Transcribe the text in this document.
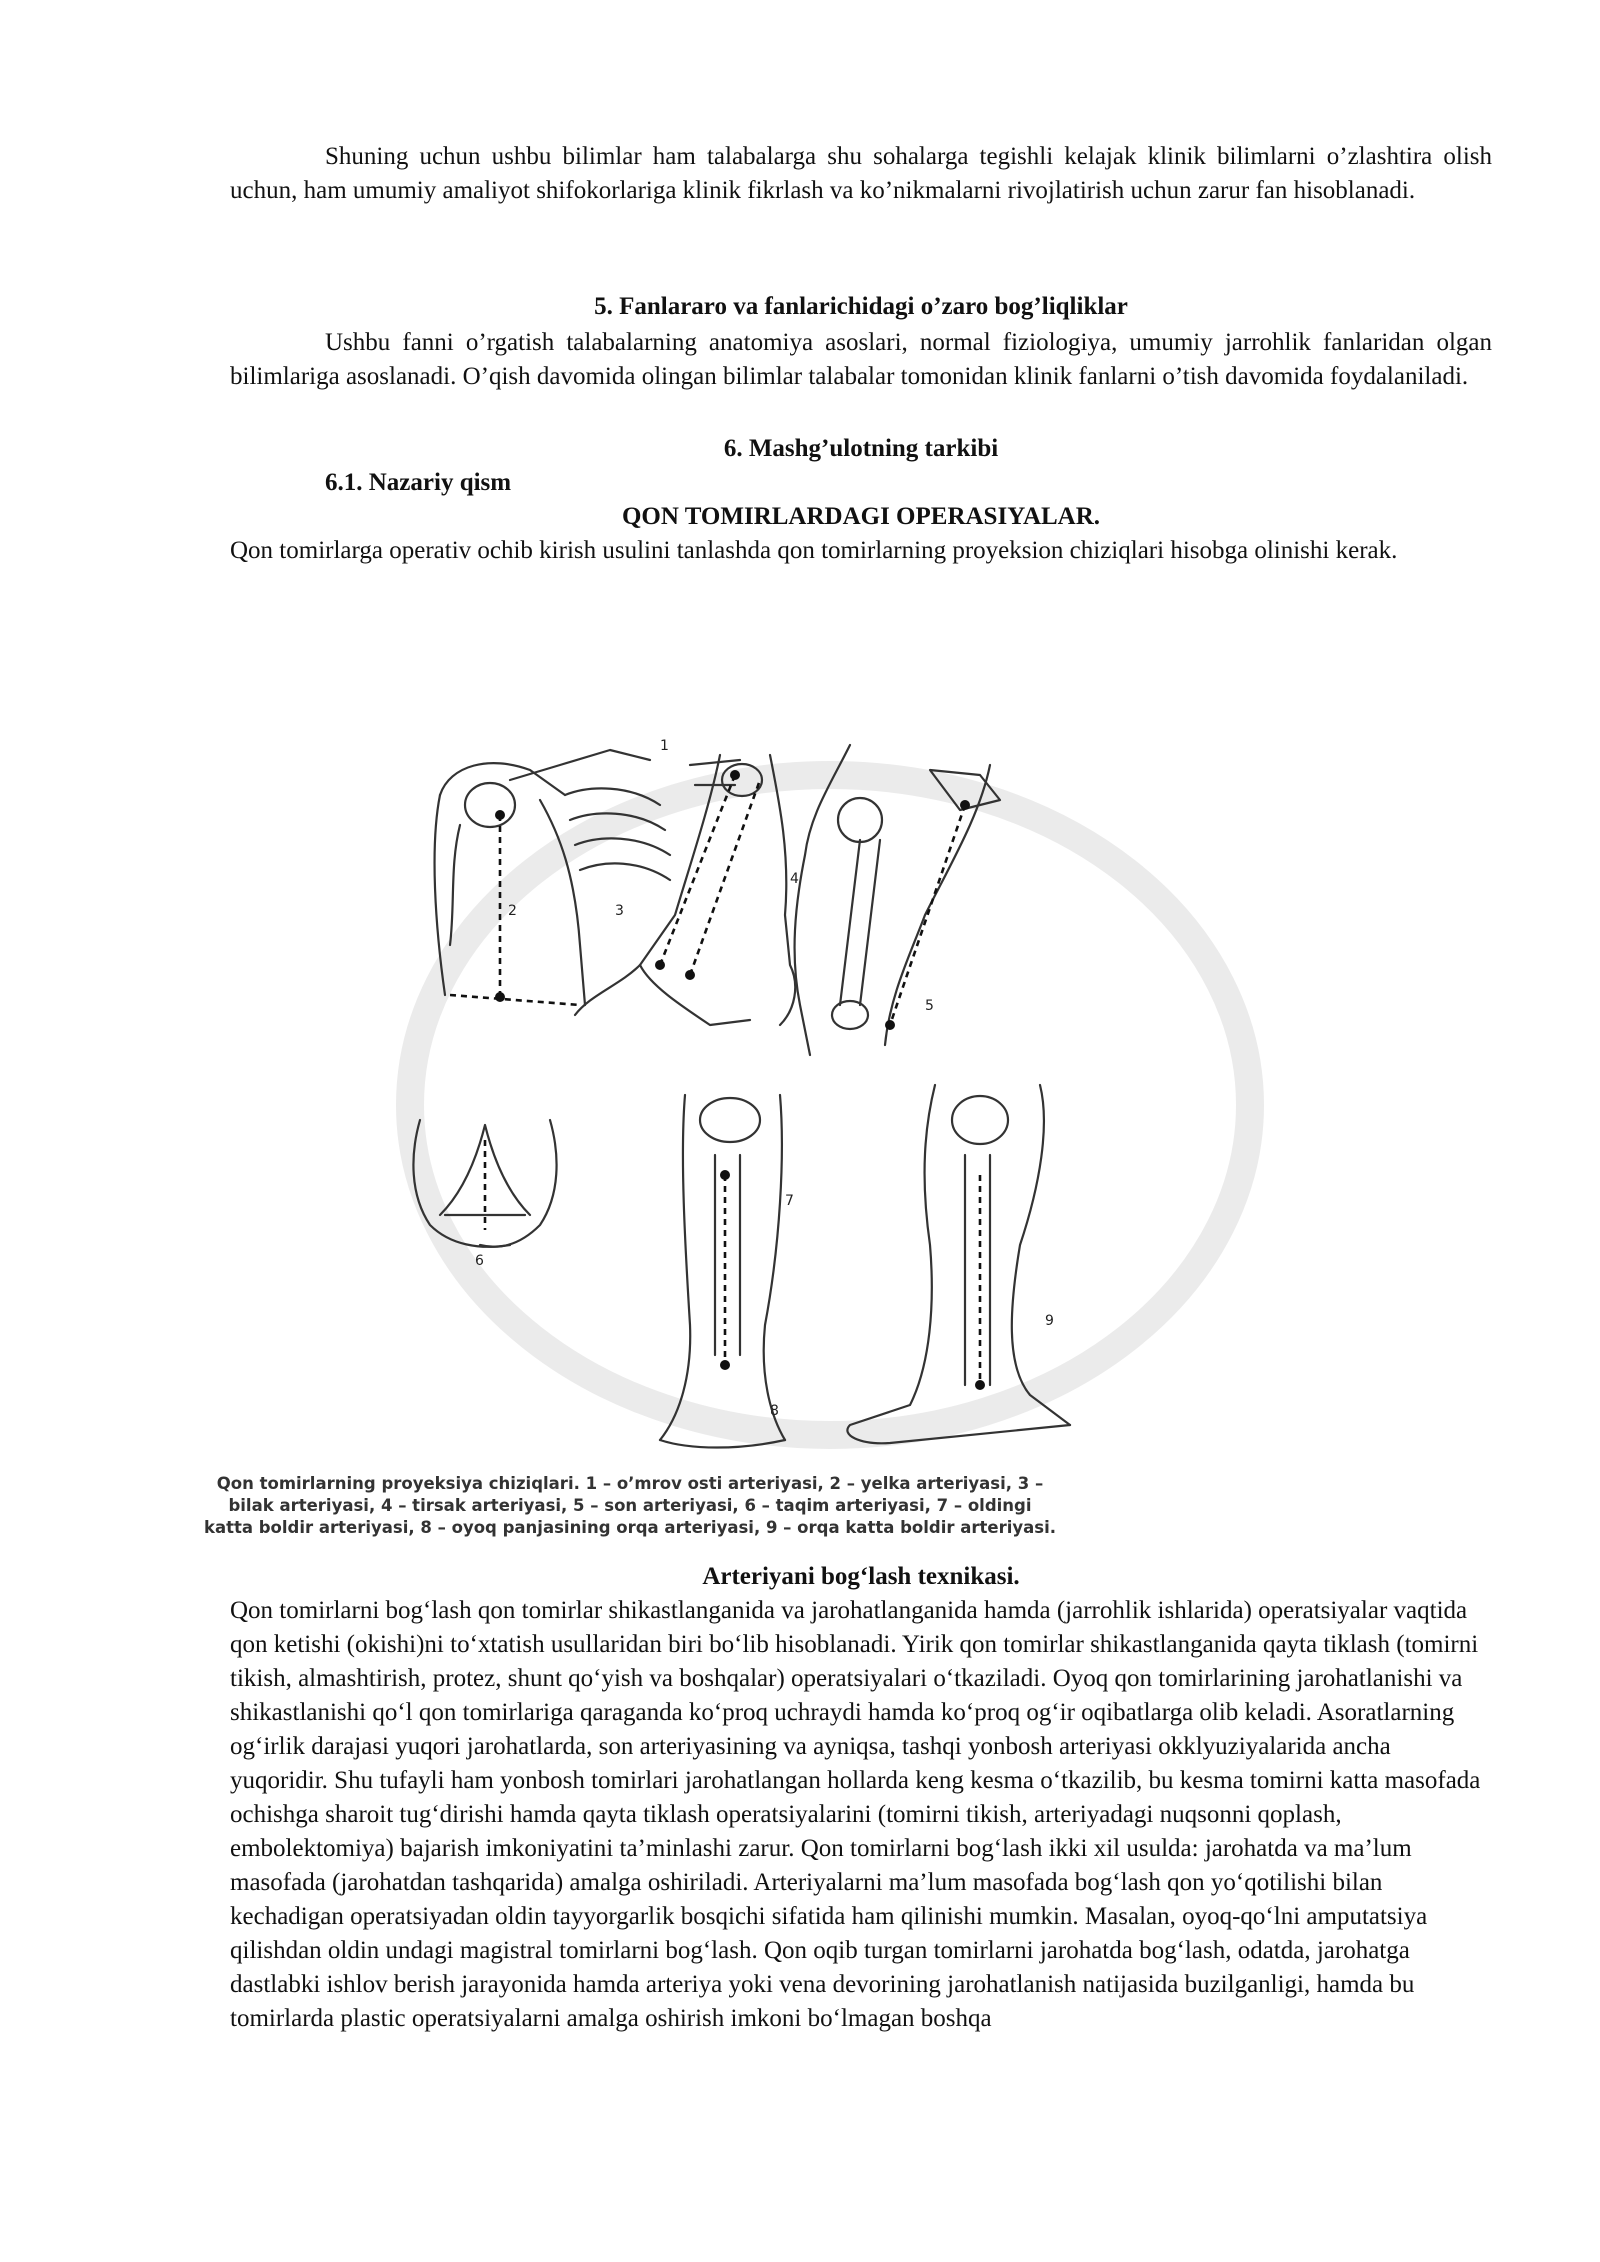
Shuning uchun ushbu bilimlar ham talabalarga shu sohalarga tegishli kelajak klinik bilimlarni o’zlashtira olish uchun, ham umumiy amaliyot shifokorlariga klinik fikrlash va ko’nikmalarni rivojlatirish uchun zarur fan hisoblanadi.

5. Fanlararo va fanlarichidagi o’zaro bog’liqliklar

Ushbu fanni o’rgatish talabalarning anatomiya asoslari, normal fiziologiya, umumiy jarrohlik fanlaridan olgan bilimlariga asoslanadi. O’qish davomida olingan bilimlar talabalar tomonidan klinik fanlarni o’tish davomida foydalaniladi.

6. Mashg’ulotning tarkibi

6.1. Nazariy qism

QON TOMIRLARDAGI OPERASIYALAR.

Qon tomirlarga operativ ochib kirish usulini tanlashda qon tomirlarning proyeksion chiziqlari hisobga olinishi kerak.

1
2	3
4
5
6
7
8
9
Qon tomirlarning proyeksiya chiziqlari. 1 – o’mrov osti arteriyasi, 2 – yelka arteriyasi, 3 –
bilak arteriyasi, 4 – tirsak arteriyasi, 5 – son arteriyasi, 6 – taqim arteriyasi, 7 – oldingi
katta boldir arteriyasi, 8 – oyoq panjasining orqa arteriyasi, 9 – orqa katta boldir arteriyasi.

Arteriyani bog‘lash texnikasi.

Qon tomirlarni bog‘lash qon tomirlar shikastlanganida va jarohatlanganida hamda (jarrohlik ishlarida) operatsiyalar vaqtida qon ketishi (okishi)ni to‘xtatish usullaridan biri bo‘lib hisoblanadi. Yirik qon tomirlar shikastlanganida qayta tiklash (tomirni tikish, almashtirish, protez, shunt qo‘yish va boshqalar) operatsiyalari o‘tkaziladi. Oyoq qon tomirlarining jarohatlanishi va shikastlanishi qo‘l qon tomirlariga qaraganda ko‘proq uchraydi hamda ko‘proq og‘ir oqibatlarga olib keladi. Asoratlarning og‘irlik darajasi yuqori jarohatlarda, son arteriyasining va ayniqsa, tashqi yonbosh arteriyasi okklyuziyalarida ancha yuqoridir. Shu tufayli ham yonbosh tomirlari jarohatlangan hollarda keng kesma o‘tkazilib, bu kesma tomirni katta masofada ochishga sharoit tug‘dirishi hamda qayta tiklash operatsiyalarini (tomirni tikish, arteriyadagi nuqsonni qoplash, embolektomiya) bajarish imkoniyatini ta’minlashi zarur. Qon tomirlarni bog‘lash ikki xil usulda: jarohatda va ma’lum masofada (jarohatdan tashqarida) amalga oshiriladi. Arteriyalarni ma’lum masofada bog‘lash qon yo‘qotilishi bilan kechadigan operatsiyadan oldin tayyorgarlik bosqichi sifatida ham qilinishi mumkin. Masalan, oyoq-qo‘lni amputatsiya qilishdan oldin undagi magistral tomirlarni bog‘lash. Qon oqib turgan tomirlarni jarohatda bog‘lash, odatda, jarohatga dastlabki ishlov berish jarayonida hamda arteriya yoki vena devorining jarohatlanish natijasida buzilganligi, hamda bu tomirlarda plastic operatsiyalarni amalga oshirish imkoni bo‘lmagan boshqa
